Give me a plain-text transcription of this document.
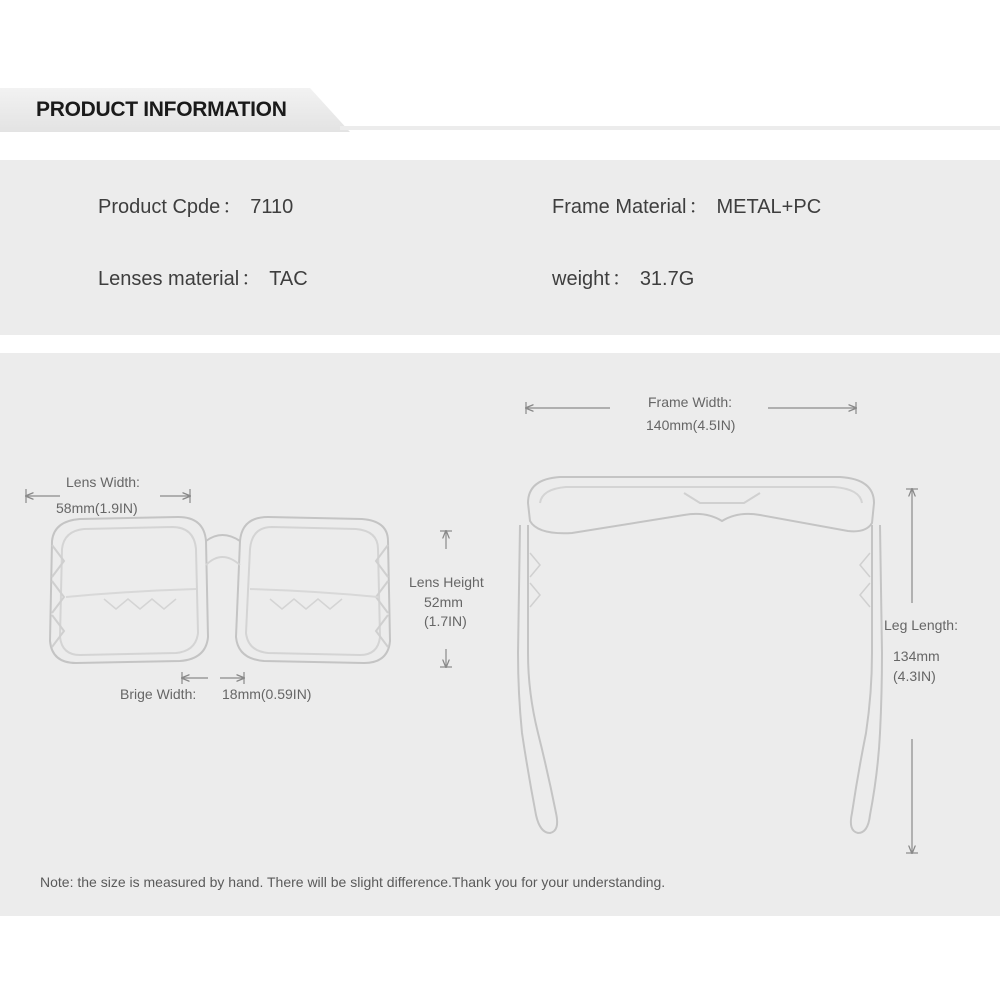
PRODUCT INFORMATION
Product Cpde ： 7110	Frame Material ： METAL+PC
Lenses material ： TAC	weight ： 31.7G
Lens Width:
58mm(1.9IN)
Lens Height
52mm
(1.7IN)
Brige Width: 18mm(0.59IN)
Frame Width:
140mm(4.5IN)
Leg Length:
134mm
(4.3IN)
Note: the size is measured by hand. There will be slight difference.Thank you for your understanding.
